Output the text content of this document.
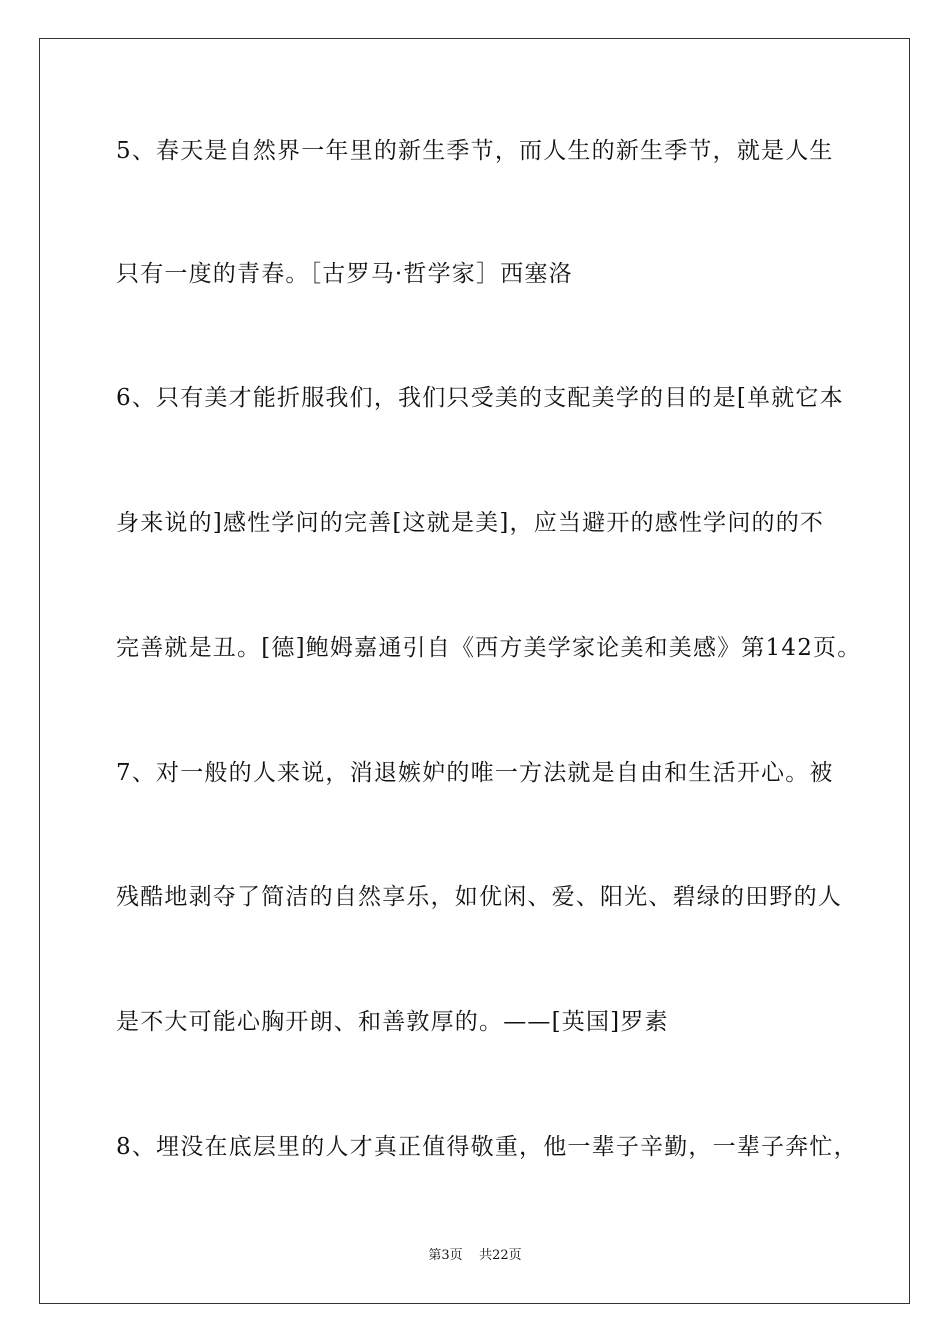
5、春天是自然界一年里的新生季节，而人生的新生季节，就是人生
只有一度的青春。［古罗马·哲学家］西塞洛
6、只有美才能折服我们，我们只受美的支配美学的目的是[单就它本
身来说的]感性学问的完善[这就是美]，应当避开的感性学问的的不
完善就是丑。[德]鲍姆嘉通引自《西方美学家论美和美感》第142页。
7、对一般的人来说，消退嫉妒的唯一方法就是自由和生活开心。被
残酷地剥夺了简洁的自然享乐，如优闲、爱、阳光、碧绿的田野的人
是不大可能心胸开朗、和善敦厚的。——[英国]罗素
8、埋没在底层里的人才真正值得敬重，他一辈子辛勤，一辈子奔忙，
第3页 共22页
